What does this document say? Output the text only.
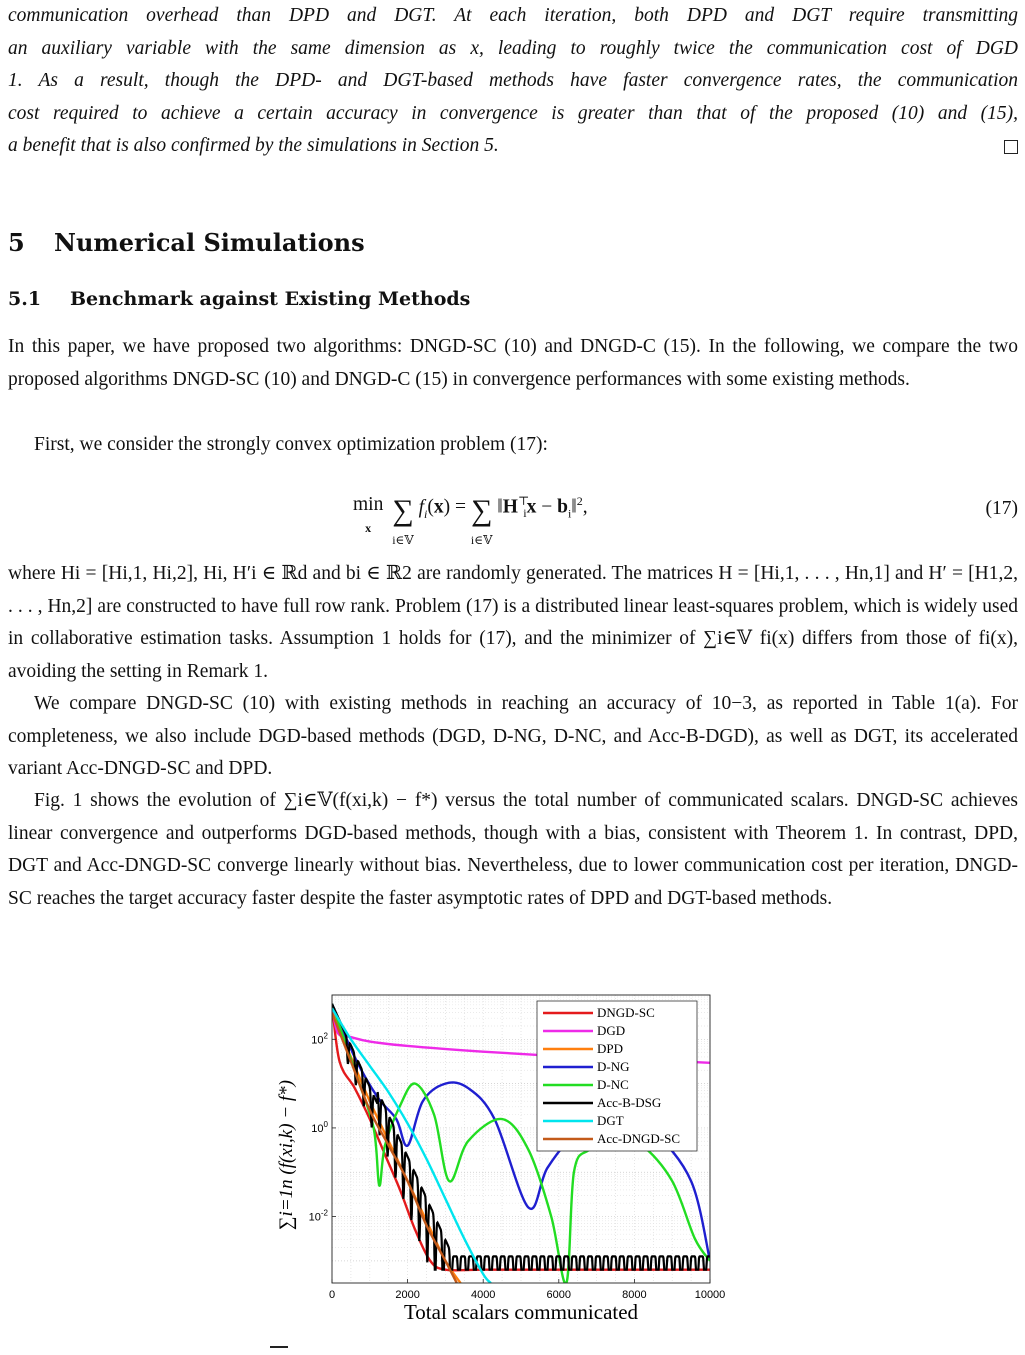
communication overhead than DPD and DGT. At each iteration, both DPD and DGT require transmitting

an auxiliary variable with the same dimension as x, leading to roughly twice the communication cost of DGD

1. As a result, though the DPD- and DGT-based methods have faster convergence rates, the communication

cost required to achieve a certain accuracy in convergence is greater than that of the proposed (10) and (15),

a benefit that is also confirmed by the simulations in Section 5.

5 Numerical Simulations
5.1 Benchmark against Existing Methods

In this paper, we have proposed two algorithms: DNGD-SC (10) and DNGD-C (15). In the following, we compare the two proposed algorithms DNGD-SC (10) and DNGD-C (15) in convergence performances with some existing methods.

First, we consider the strongly convex optimization problem (17):

min
x ∑
i∈𝕍 $f_i(x)$ = ∑
i∈𝕍 $‖H^⊤_ix$ − $b_i‖^2$,	(17)

where Hi = [Hi,1, Hi,2], Hi, H′i ∈ ℝd and bi ∈ ℝ2 are randomly generated. The matrices H = [Hi,1, . . . , Hn,1] and H′ = [H1,2, . . . , Hn,2] are constructed to have full row rank. Problem (17) is a distributed linear least-squares problem, which is widely used in collaborative estimation tasks. Assumption 1 holds for (17), and the minimizer of ∑i∈𝕍 fi(x) differs from those of fi(x), avoiding the setting in Remark 1.

We compare DNGD-SC (10) with existing methods in reaching an accuracy of 10−3, as reported in Table 1(a). For completeness, we also include DGD-based methods (DGD, D-NG, D-NC, and Acc-B-DGD), as well as DGT, its accelerated variant Acc-DNGD-SC and DPD.

Fig. 1 shows the evolution of ∑i∈𝕍(f(xi,k) − f*) versus the total number of communicated scalars. DNGD-SC achieves linear convergence and outperforms DGD-based methods, though with a bias, consistent with Theorem 1. In contrast, DPD, DGT and Acc-DNGD-SC converge linearly without bias. Nevertheless, due to lower communication cost per iteration, DNGD-SC reaches the target accuracy faster despite the faster asymptotic rates of DPD and DGT-based methods.

0	2000	4000	6000	8000	10000
$10^{-2}$
$10^0$
$10^2$
DNGD-SC
DGD
DPD
D-NG
D-NC
Acc-B-DSG
DGT
Acc-DNGD-SC
Total scalars communicated
∑i=1n (f(xi,k) − f*)
